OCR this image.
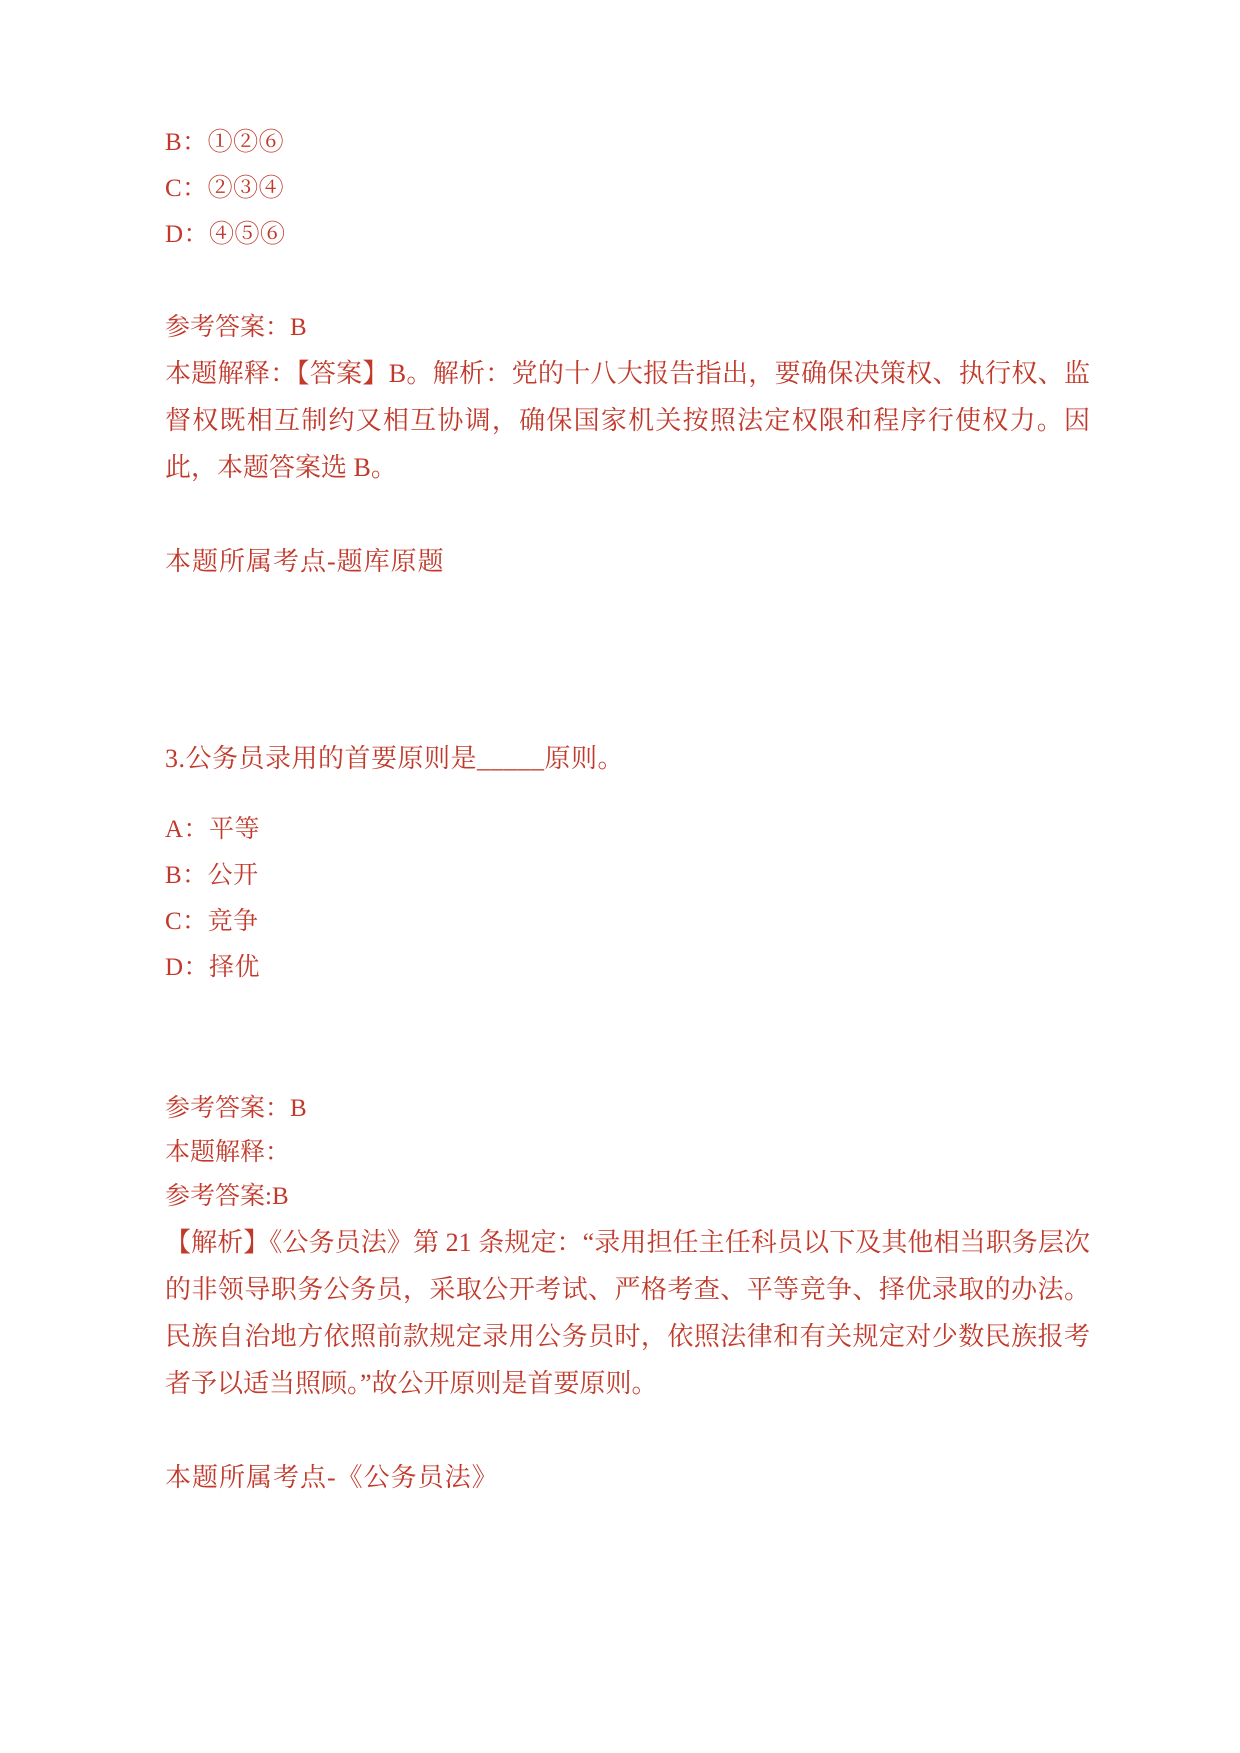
B：①②⑥
C：②③④
D：④⑤⑥
参考答案：B

本题解释：【答案】B。解析：党的十八大报告指出，要确保决策权、执行权、监督权既相互制约又相互协调，确保国家机关按照法定权限和程序行使权力。因此，本题答案选 B。

本题所属考点-题库原题
3.公务员录用的首要原则是_____原则。
A：平等
B：公开
C：竞争
D：择优
参考答案：B
本题解释：
参考答案:B

【解析】《公务员法》第 21 条规定：“录用担任主任科员以下及其他相当职务层次的非领导职务公务员，采取公开考试、严格考查、平等竞争、择优录取的办法。民族自治地方依照前款规定录用公务员时，依照法律和有关规定对少数民族报考者予以适当照顾。”故公开原则是首要原则。

本题所属考点-《公务员法》
